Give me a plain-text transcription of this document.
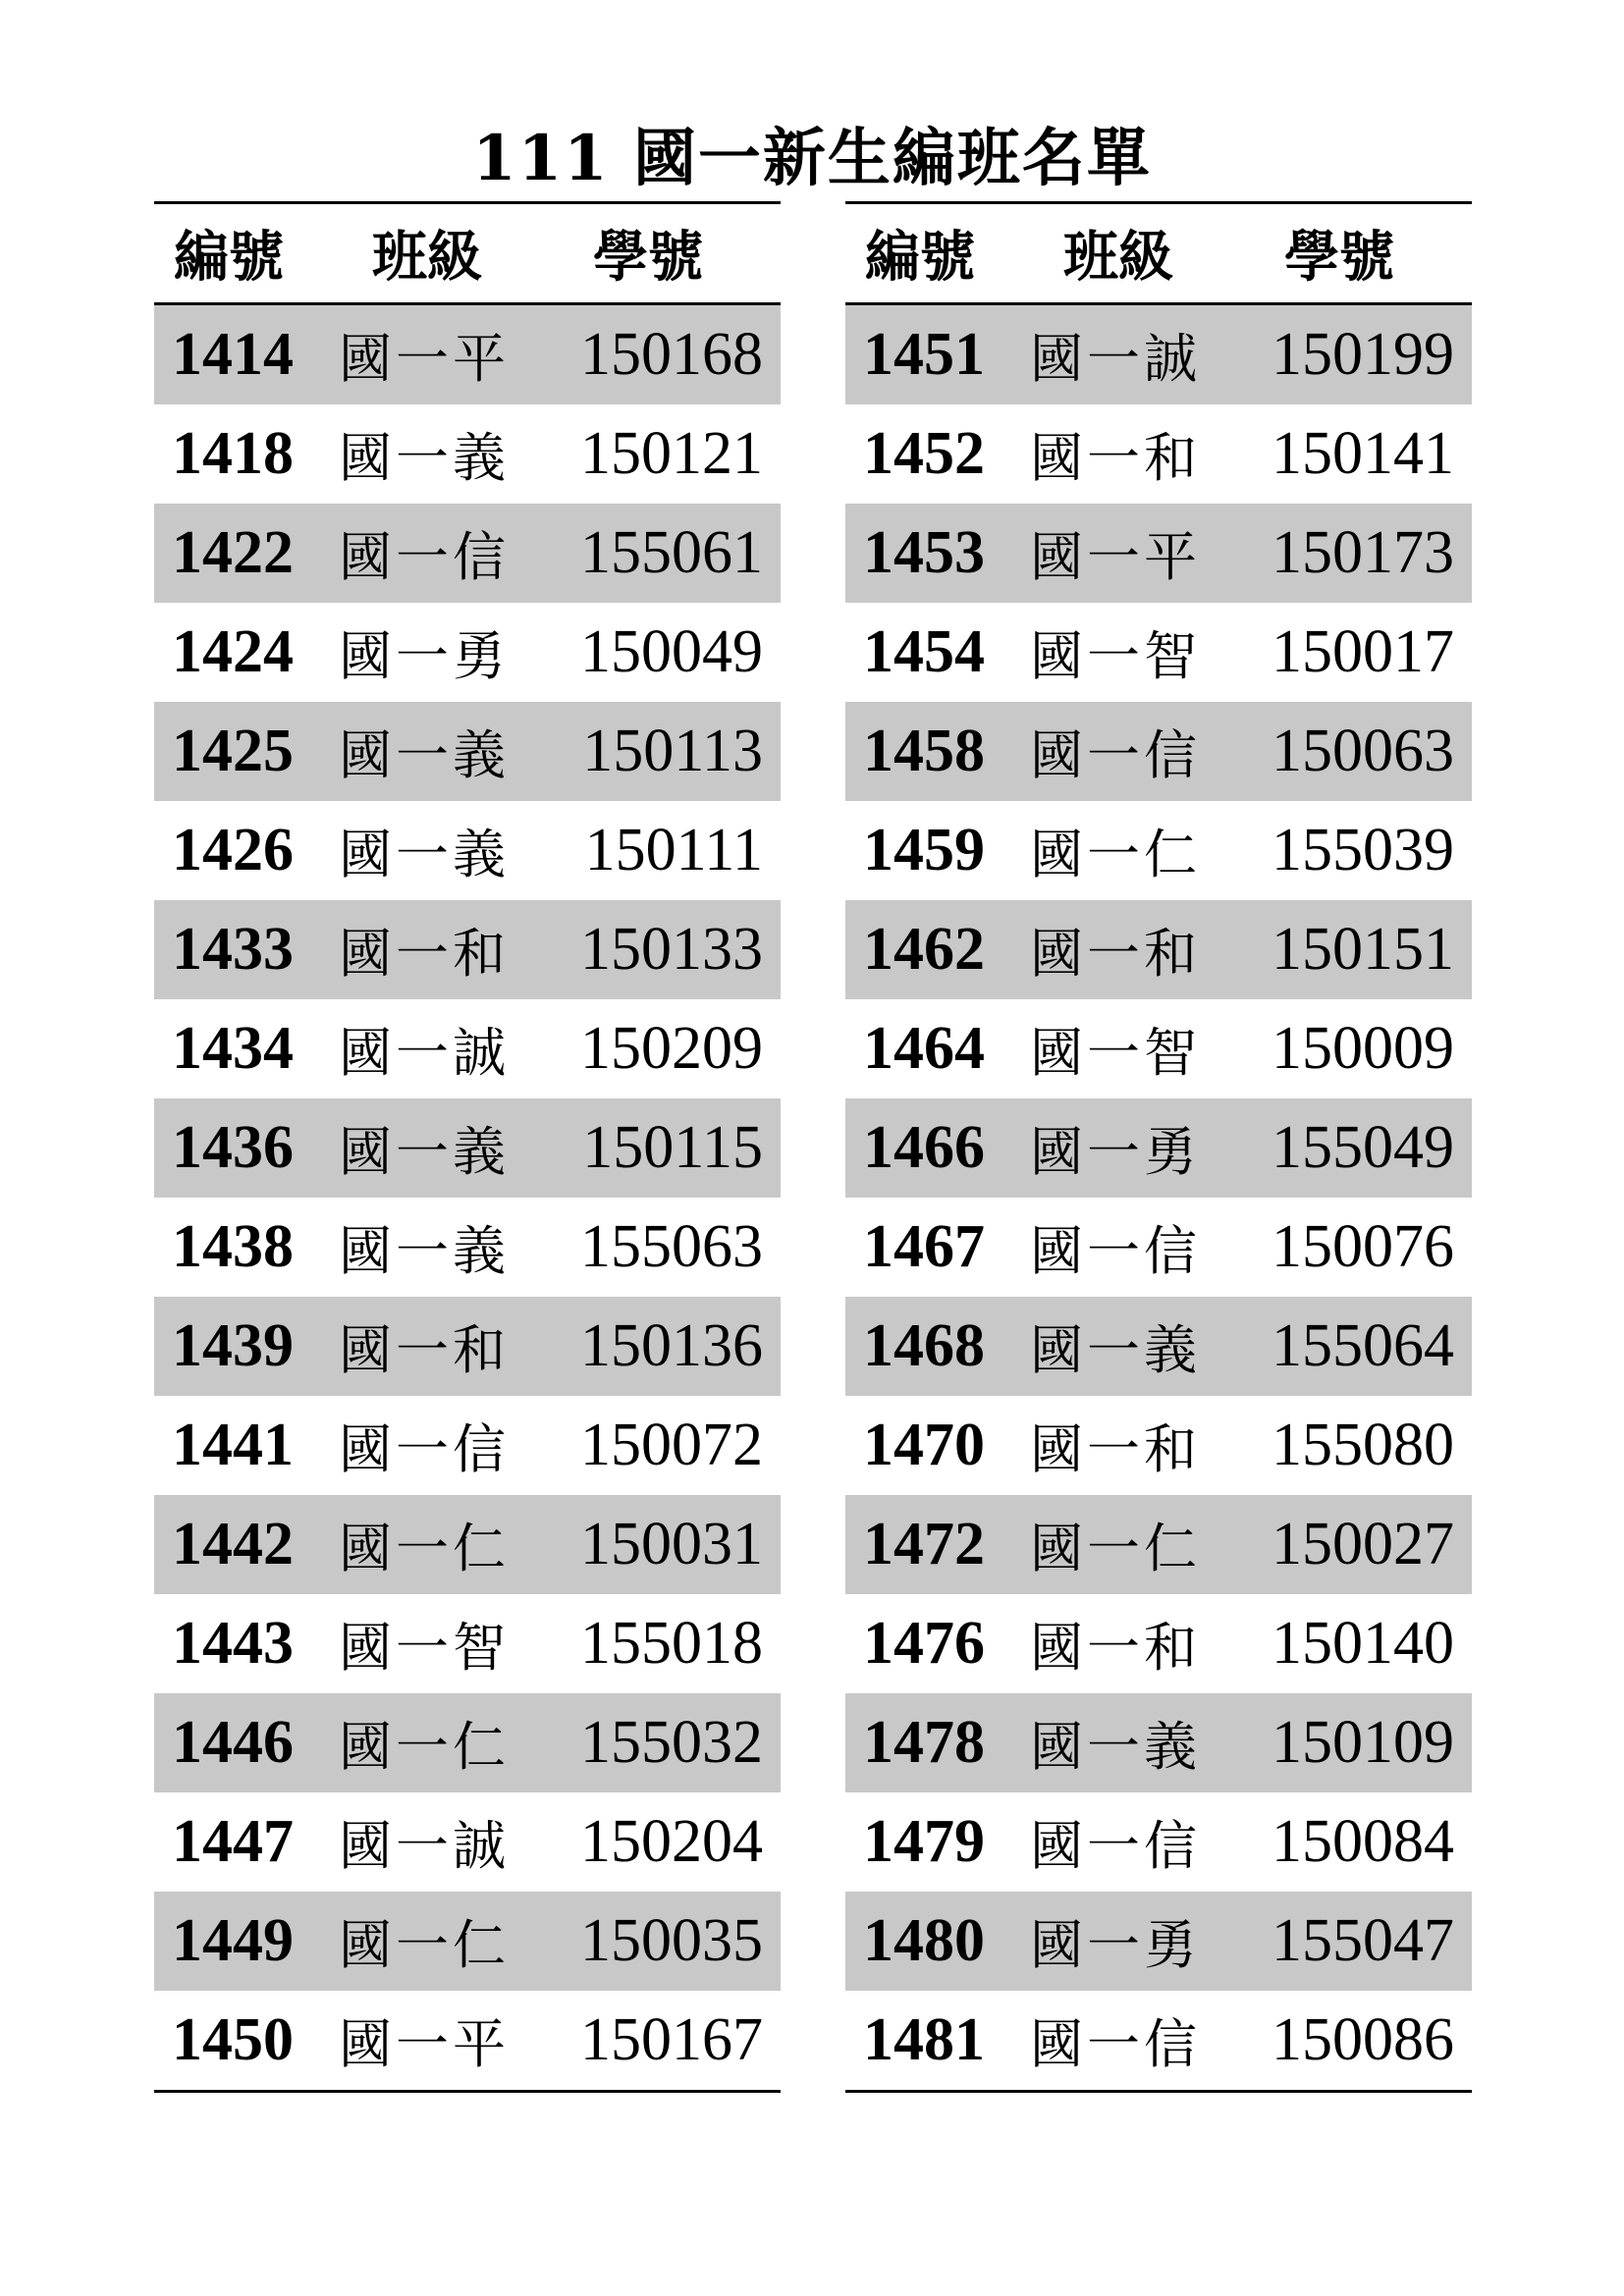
111 國一新生編班名單
編號	班級	學號
1414 國一平	150168
1418 國一義	150121
1422 國一信	155061
1424 國一勇	150049
1425 國一義	150113
1426 國一義	150111
1433 國一和	150133
1434 國一誠	150209
1436 國一義	150115
1438 國一義	155063
1439 國一和	150136
1441 國一信	150072
1442 國一仁	150031
1443 國一智	155018
1446 國一仁	155032
1447 國一誠	150204
1449 國一仁	150035
1450 國一平	150167
編號	班級	學號
1451 國一誠	150199
1452 國一和	150141
1453 國一平	150173
1454 國一智	150017
1458 國一信	150063
1459 國一仁	155039
1462 國一和	150151
1464 國一智	150009
1466 國一勇	155049
1467 國一信	150076
1468 國一義	155064
1470 國一和	155080
1472 國一仁	150027
1476 國一和	150140
1478 國一義	150109
1479 國一信	150084
1480 國一勇	155047
1481 國一信	150086
